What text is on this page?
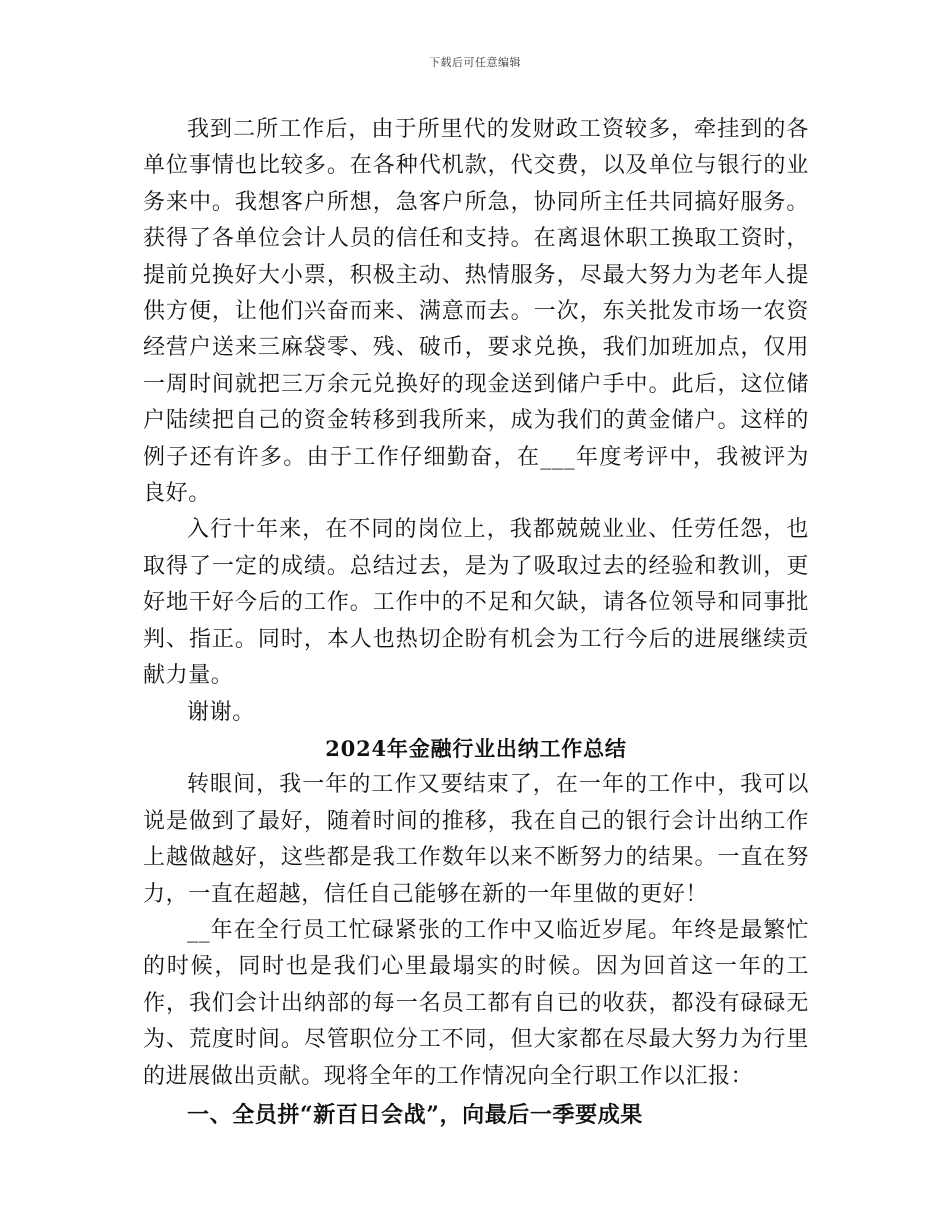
下载后可任意编辑

我到二所工作后，由于所里代的发财政工资较多，牵挂到的各单位事情也比较多。在各种代机款，代交费，以及单位与银行的业务来中。我想客户所想，急客户所急，协同所主任共同搞好服务。获得了各单位会计人员的信任和支持。在离退休职工换取工资时，提前兑换好大小票，积极主动、热情服务，尽最大努力为老年人提供方便，让他们兴奋而来、满意而去。一次，东关批发市场一农资经营户送来三麻袋零、残、破币，要求兑换，我们加班加点，仅用一周时间就把三万余元兑换好的现金送到储户手中。此后，这位储户陆续把自己的资金转移到我所来，成为我们的黄金储户。这样的例子还有许多。由于工作仔细勤奋，在___年度考评中，我被评为良好。

入行十年来，在不同的岗位上，我都兢兢业业、任劳任怨，也取得了一定的成绩。总结过去，是为了吸取过去的经验和教训，更好地干好今后的工作。工作中的不足和欠缺，请各位领导和同事批判、指正。同时，本人也热切企盼有机会为工行今后的进展继续贡献力量。

谢谢。

2024年金融行业出纳工作总结

转眼间，我一年的工作又要结束了，在一年的工作中，我可以说是做到了最好，随着时间的推移，我在自己的银行会计出纳工作上越做越好，这些都是我工作数年以来不断努力的结果。一直在努力，一直在超越，信任自己能够在新的一年里做的更好！

__年在全行员工忙碌紧张的工作中又临近岁尾。年终是最繁忙的时候，同时也是我们心里最塌实的时候。因为回首这一年的工作，我们会计出纳部的每一名员工都有自已的收获，都没有碌碌无为、荒度时间。尽管职位分工不同，但大家都在尽最大努力为行里的进展做出贡献。现将全年的工作情况向全行职工作以汇报：

一、全员拼“新百日会战”，向最后一季要成果
